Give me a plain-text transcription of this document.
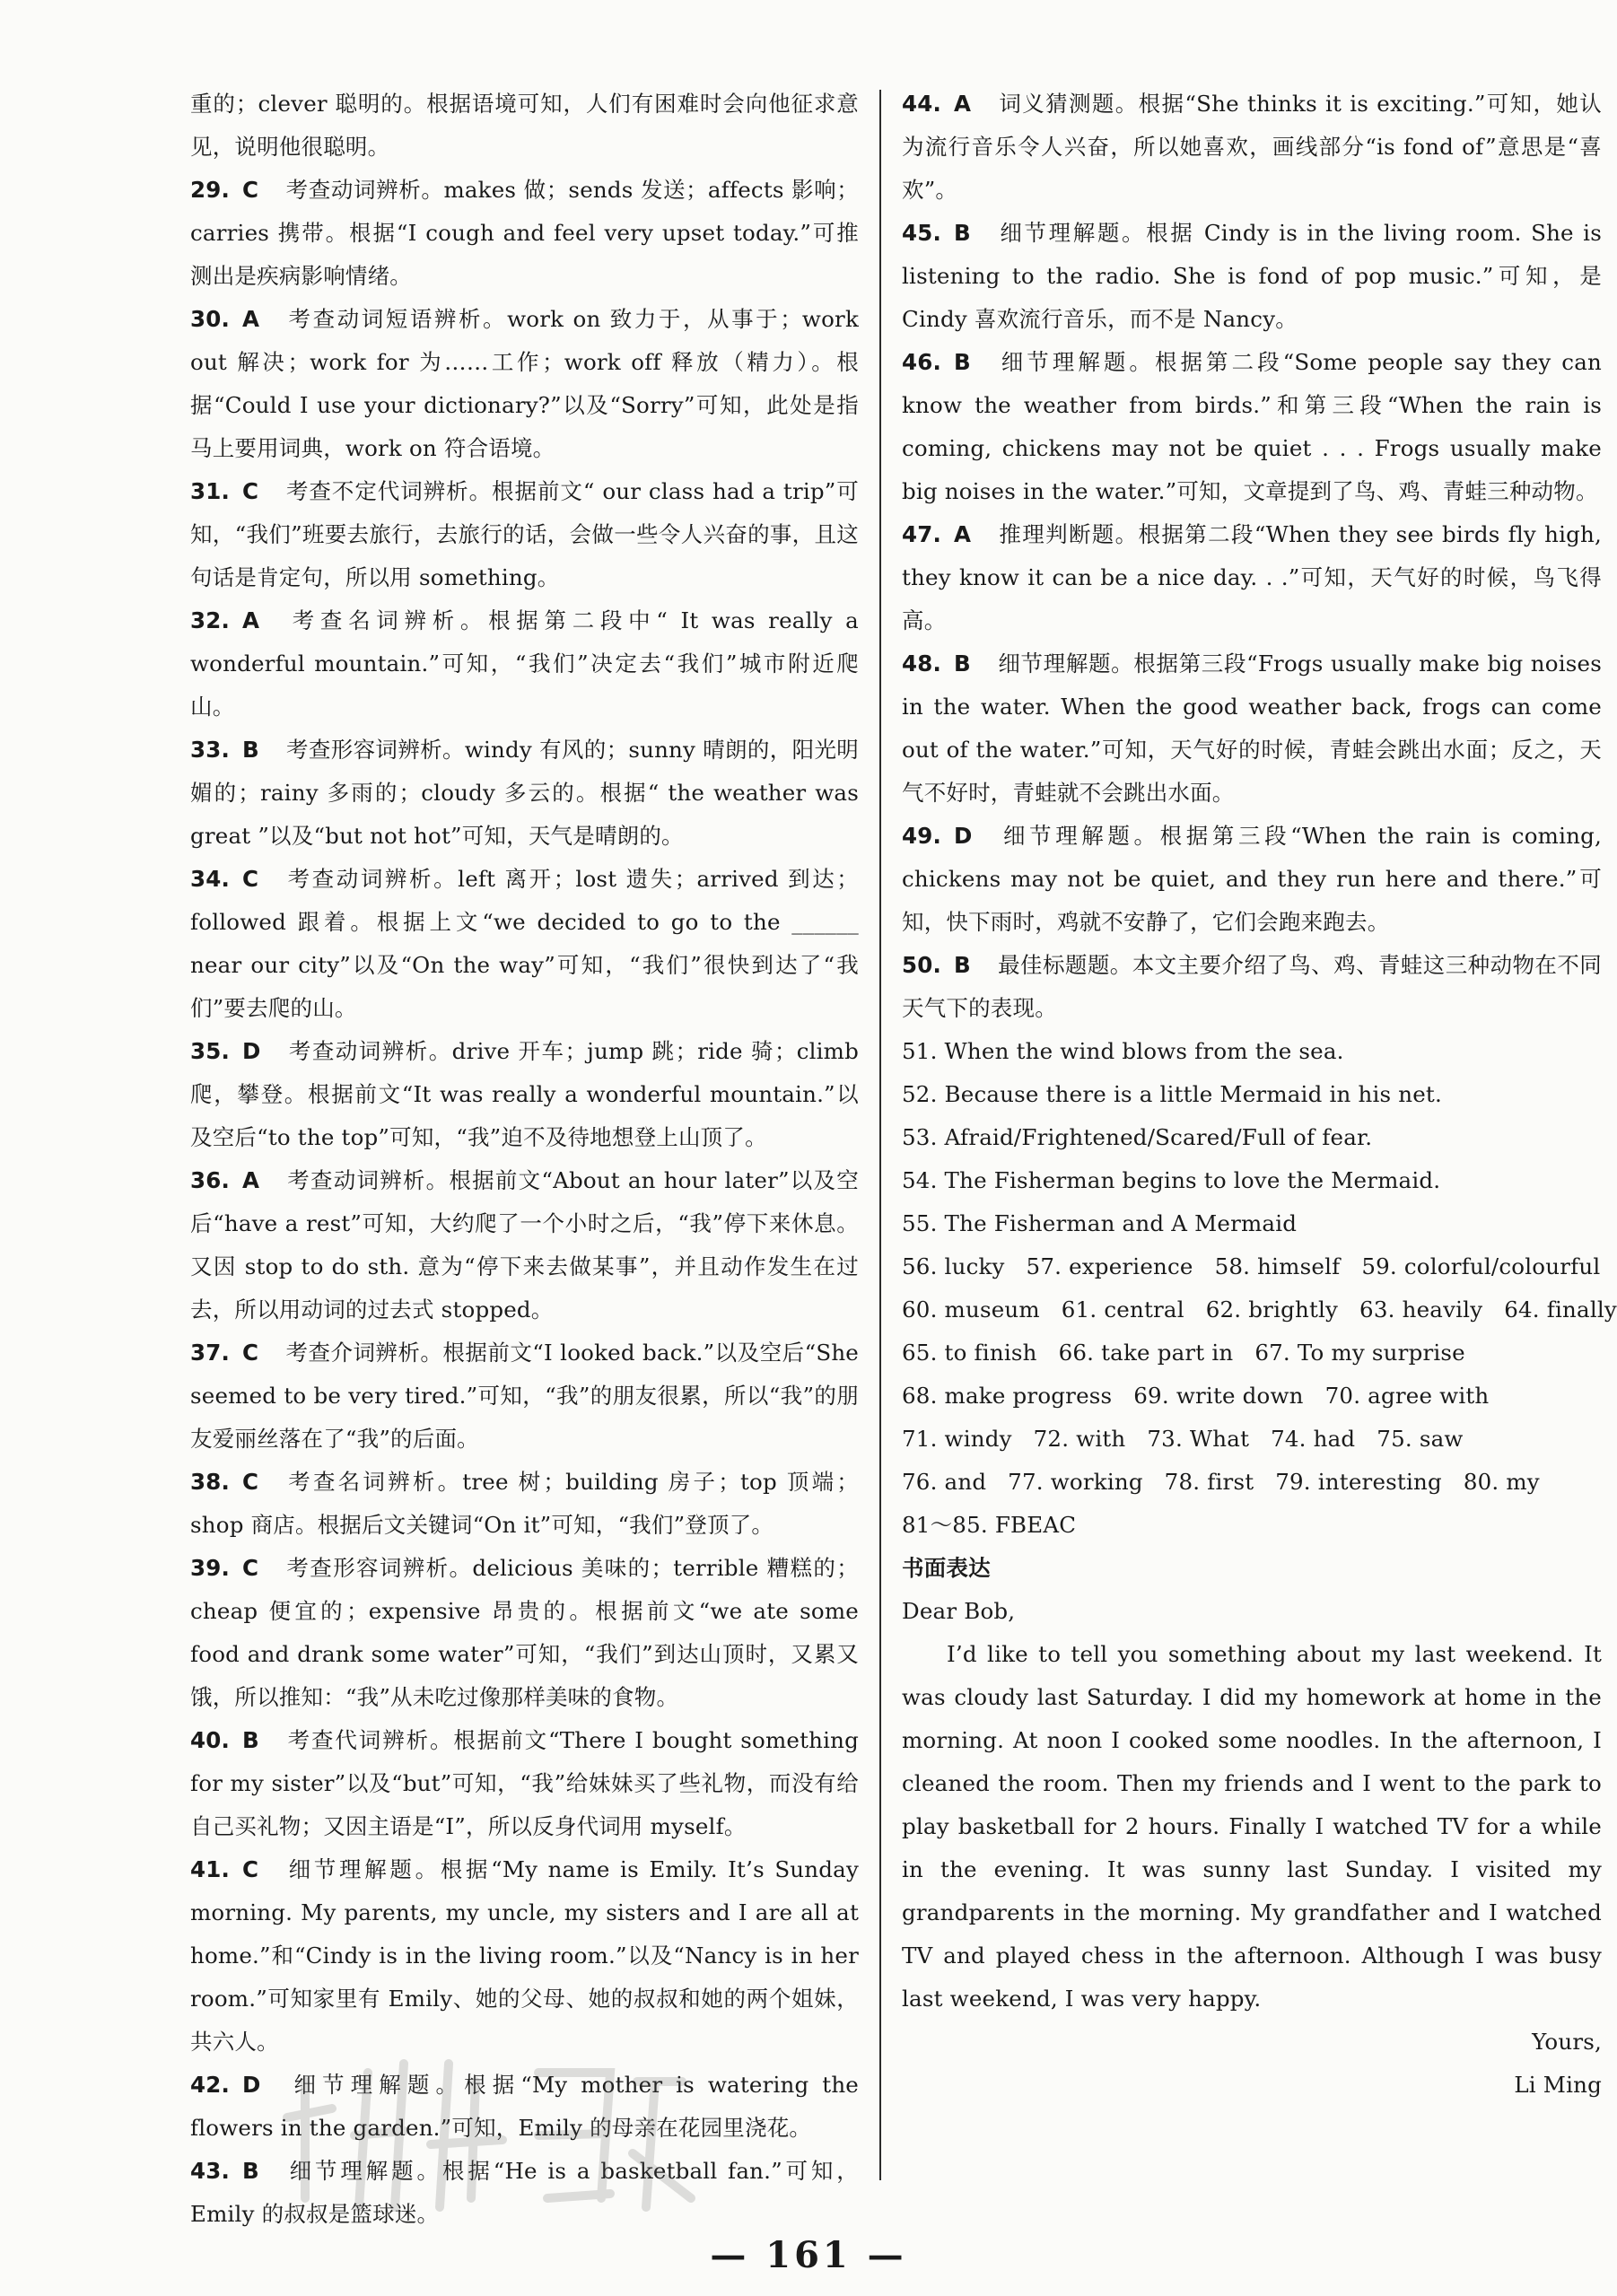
重的；clever 聪明的。根据语境可知，人们有困难时会向他征求意见，说明他很聪明。
29. C 考查动词辨析。makes 做；sends 发送；affects 影响；carries 携带。根据“I cough and feel very upset today.”可推测出是疾病影响情绪。
30. A 考查动词短语辨析。work on 致力于，从事于；work out 解决；work for 为……工作；work off 释放（精力）。根据“Could I use your dictionary?”以及“Sorry”可知，此处是指马上要用词典，work on 符合语境。
31. C 考查不定代词辨析。根据前文“ our class had a trip”可知，“我们”班要去旅行，去旅行的话，会做一些令人兴奋的事，且这句话是肯定句，所以用 something。
32. A 考查名词辨析。根据第二段中“ It was really a wonderful mountain.”可知，“我们”决定去“我们”城市附近爬山。
33. B 考查形容词辨析。windy 有风的；sunny 晴朗的，阳光明媚的；rainy 多雨的；cloudy 多云的。根据“ the weather was great ”以及“but not hot”可知，天气是晴朗的。
34. C 考查动词辨析。left 离开；lost 遗失；arrived 到达；followed 跟着。根据上文“we decided to go to the ______ near our city”以及“On the way”可知，“我们”很快到达了“我们”要去爬的山。
35. D 考查动词辨析。drive 开车；jump 跳；ride 骑；climb 爬，攀登。根据前文“It was really a wonderful mountain.”以及空后“to the top”可知，“我”迫不及待地想登上山顶了。
36. A 考查动词辨析。根据前文“About an hour later”以及空后“have a rest”可知，大约爬了一个小时之后，“我”停下来休息。又因 stop to do sth. 意为“停下来去做某事”，并且动作发生在过去，所以用动词的过去式 stopped。
37. C 考查介词辨析。根据前文“I looked back.”以及空后“She seemed to be very tired.”可知，“我”的朋友很累，所以“我”的朋友爱丽丝落在了“我”的后面。
38. C 考查名词辨析。tree 树；building 房子；top 顶端；shop 商店。根据后文关键词“On it”可知，“我们”登顶了。
39. C 考查形容词辨析。delicious 美味的；terrible 糟糕的；cheap 便宜的；expensive 昂贵的。根据前文“we ate some food and drank some water”可知，“我们”到达山顶时，又累又饿，所以推知：“我”从未吃过像那样美味的食物。
40. B 考查代词辨析。根据前文“There I bought something for my sister”以及“but”可知，“我”给妹妹买了些礼物，而没有给自己买礼物；又因主语是“I”，所以反身代词用 myself。
41. C 细节理解题。根据“My name is Emily. It’s Sunday morning. My parents, my uncle, my sisters and I are all at home.”和“Cindy is in the living room.”以及“Nancy is in her room.”可知家里有 Emily、她的父母、她的叔叔和她的两个姐妹，共六人。
42. D 细节理解题。根据“My mother is watering the flowers in the garden.”可知，Emily 的母亲在花园里浇花。
43. B 细节理解题。根据“He is a basketball fan.”可知，Emily 的叔叔是篮球迷。
44. A 词义猜测题。根据“She thinks it is exciting.”可知，她认为流行音乐令人兴奋，所以她喜欢，画线部分“is fond of”意思是“喜欢”。
45. B 细节理解题。根据 Cindy is in the living room. She is listening to the radio. She is fond of pop music.”可知，是 Cindy 喜欢流行音乐，而不是 Nancy。
46. B 细节理解题。根据第二段“Some people say they can know the weather from birds.”和第三段“When the rain is coming, chickens may not be quiet . . . Frogs usually make big noises in the water.”可知，文章提到了鸟、鸡、青蛙三种动物。
47. A 推理判断题。根据第二段“When they see birds fly high, they know it can be a nice day. . .”可知，天气好的时候，鸟飞得高。
48. B 细节理解题。根据第三段“Frogs usually make big noises in the water. When the good weather back, frogs can come out of the water.”可知，天气好的时候，青蛙会跳出水面；反之，天气不好时，青蛙就不会跳出水面。
49. D 细节理解题。根据第三段“When the rain is coming, chickens may not be quiet, and they run here and there.”可知，快下雨时，鸡就不安静了，它们会跑来跑去。
50. B 最佳标题题。本文主要介绍了鸟、鸡、青蛙这三种动物在不同天气下的表现。
51. When the wind blows from the sea.
52. Because there is a little Mermaid in his net.
53. Afraid/Frightened/Scared/Full of fear.
54. The Fisherman begins to love the Mermaid.
55. The Fisherman and A Mermaid
56. lucky   57. experience   58. himself   59. colorful/colourful
60. museum   61. central   62. brightly   63. heavily   64. finally
65. to finish   66. take part in   67. To my surprise
68. make progress   69. write down   70. agree with
71. windy   72. with   73. What   74. had   75. saw
76. and   77. working   78. first   79. interesting   80. my
81～85. FBEAC
书面表达
Dear Bob,
I’d like to tell you something about my last weekend. It was cloudy last Saturday. I did my homework at home in the morning. At noon I cooked some noodles. In the afternoon, I cleaned the room. Then my friends and I went to the park to play basketball for 2 hours. Finally I watched TV for a while in the evening. It was sunny last Sunday. I visited my grandparents in the morning. My grandfather and I watched TV and played chess in the afternoon. Although I was busy last weekend, I was very happy.
Yours,
Li Ming
— 161 —
